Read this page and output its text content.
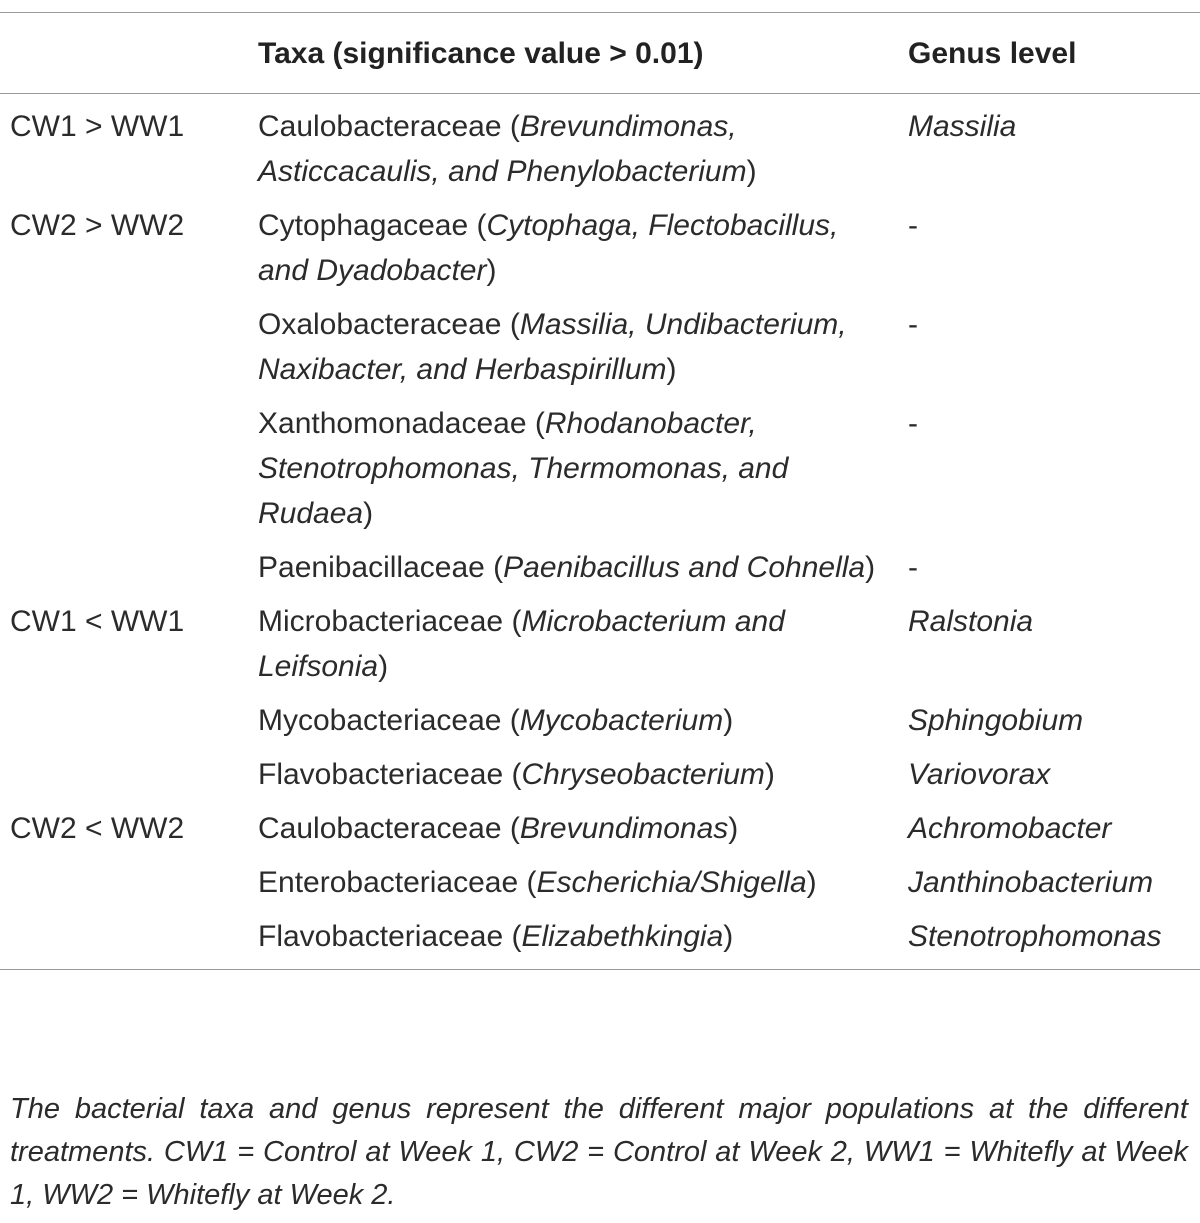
	Taxa (significance value > 0.01)	Genus level
CW1 > WW1	Caulobacteraceae (Brevundimonas, Asticcacaulis, and Phenylobacterium)	Massilia
CW2 > WW2	Cytophagaceae (Cytophaga, Flectobacillus, and Dyadobacter)	-
	Oxalobacteraceae (Massilia, Undibacterium, Naxibacter, and Herbaspirillum)	-
	Xanthomonadaceae (Rhodanobacter, Stenotrophomonas, Thermomonas, and Rudaea)	-
	Paenibacillaceae (Paenibacillus and Cohnella)	-
CW1 < WW1	Microbacteriaceae (Microbacterium and Leifsonia)	Ralstonia
	Mycobacteriaceae (Mycobacterium)	Sphingobium
	Flavobacteriaceae (Chryseobacterium)	Variovorax
CW2 < WW2	Caulobacteraceae (Brevundimonas)	Achromobacter
	Enterobacteriaceae (Escherichia/Shigella)	Janthinobacterium
	Flavobacteriaceae (Elizabethkingia)	Stenotrophomonas
The bacterial taxa and genus represent the different major populations at the different treatments. CW1 = Control at Week 1, CW2 = Control at Week 2, WW1 = Whitefly at Week 1, WW2 = Whitefly at Week 2.
